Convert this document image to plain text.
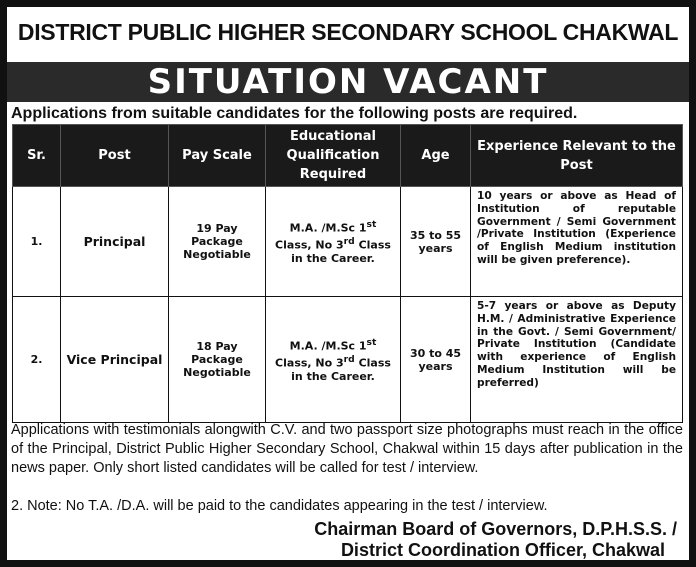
DISTRICT PUBLIC HIGHER SECONDARY SCHOOL CHAKWAL
SITUATION VACANT
Applications from suitable candidates for the following posts are required.
Sr.	Post	Pay Scale	Educational Qualification Required	Age	Experience Relevant to the Post
1.	Principal	19 Pay Package Negotiable	M.A. /M.Sc 1st Class, No 3rd Class in the Career.	35 to 55 years	10 years or above as Head of Institution of reputable Government / Semi Government /Private Institution (Experience of English Medium institution will be given preference).
2.	Vice Principal	18 Pay Package Negotiable	M.A. /M.Sc 1st Class, No 3rd Class in the Career.	30 to 45 years	5-7 years or above as Deputy H.M. / Administrative Experience in the Govt. / Semi Government/ Private Institution (Candidate with experience of English Medium Institution will be preferred)
Applications with testimonials alongwith C.V. and two passport size photographs must reach in the office of the Principal, District Public Higher Secondary School, Chakwal within 15 days after publication in the news paper. Only short listed candidates will be called for test / interview.
2. Note: No T.A. /D.A. will be paid to the candidates appearing in the test / interview.
Chairman Board of Governors, D.P.H.S.S. /
District Coordination Officer, Chakwal
